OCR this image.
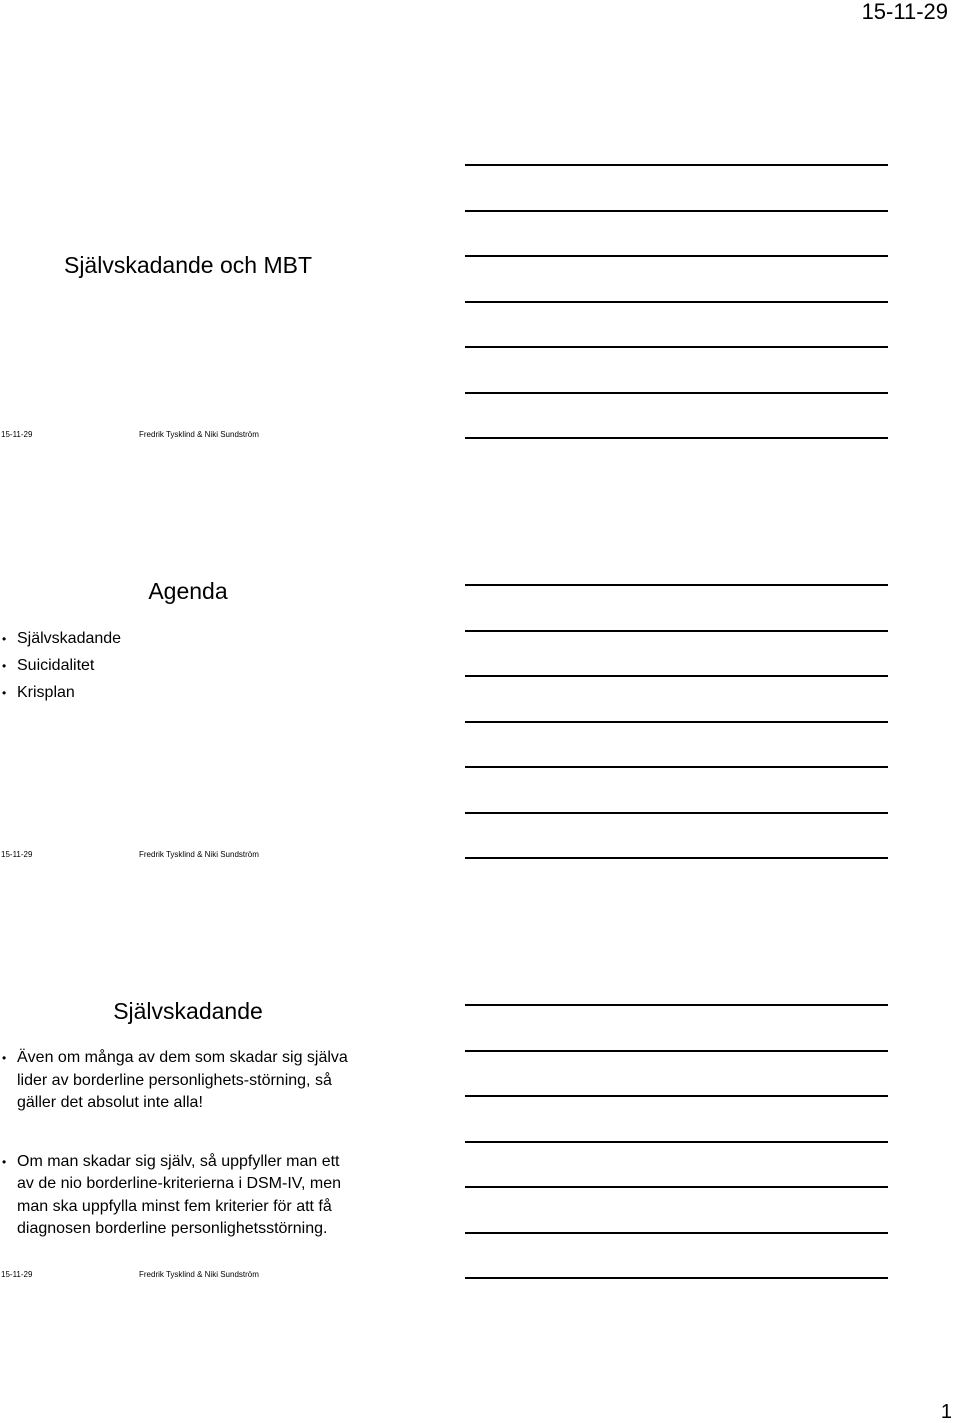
15-11-29
Självskadande och MBT
15-11-29	Fredrik Tysklind & Niki Sundström
Agenda
• Självskadande
• Suicidalitet
• Krisplan
15-11-29	Fredrik Tysklind & Niki Sundström
Självskadande
• Även om många av dem som skadar sig själva
lider av borderline personlighets-störning, så
gäller det absolut inte alla!
• Om man skadar sig själv, så uppfyller man ett
av de nio borderline-kriterierna i DSM-IV, men
man ska uppfylla minst fem kriterier för att få
diagnosen borderline personlighetsstörning.
15-11-29	Fredrik Tysklind & Niki Sundström
1
